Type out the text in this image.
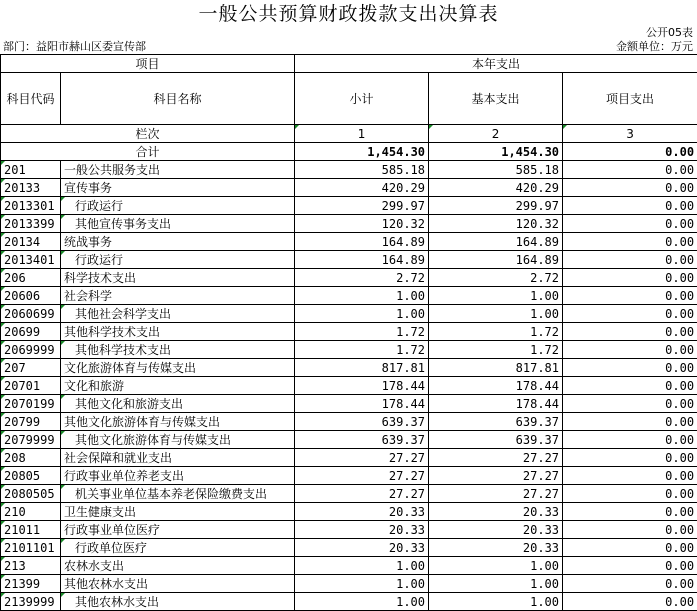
一般公共预算财政拨款支出决算表
公开05表
部门：益阳市赫山区委宣传部	金额单位：万元
项目		本年支出		
科目代码	科目名称	小计	基本支出	项目支出
栏次		1	2	3
合计		1,454.30	1,454.30	0.00
201	一般公共服务支出	585.18	585.18	0.00
20133	宣传事务	420.29	420.29	0.00
2013301	行政运行	299.97	299.97	0.00
2013399	其他宣传事务支出	120.32	120.32	0.00
20134	统战事务	164.89	164.89	0.00
2013401	行政运行	164.89	164.89	0.00
206	科学技术支出	2.72	2.72	0.00
20606	社会科学	1.00	1.00	0.00
2060699	其他社会科学支出	1.00	1.00	0.00
20699	其他科学技术支出	1.72	1.72	0.00
2069999	其他科学技术支出	1.72	1.72	0.00
207	文化旅游体育与传媒支出	817.81	817.81	0.00
20701	文化和旅游	178.44	178.44	0.00
2070199	其他文化和旅游支出	178.44	178.44	0.00
20799	其他文化旅游体育与传媒支出	639.37	639.37	0.00
2079999	其他文化旅游体育与传媒支出	639.37	639.37	0.00
208	社会保障和就业支出	27.27	27.27	0.00
20805	行政事业单位养老支出	27.27	27.27	0.00
2080505	机关事业单位基本养老保险缴费支出	27.27	27.27	0.00
210	卫生健康支出	20.33	20.33	0.00
21011	行政事业单位医疗	20.33	20.33	0.00
2101101	行政单位医疗	20.33	20.33	0.00
213	农林水支出	1.00	1.00	0.00
21399	其他农林水支出	1.00	1.00	0.00
2139999	其他农林水支出	1.00	1.00	0.00
